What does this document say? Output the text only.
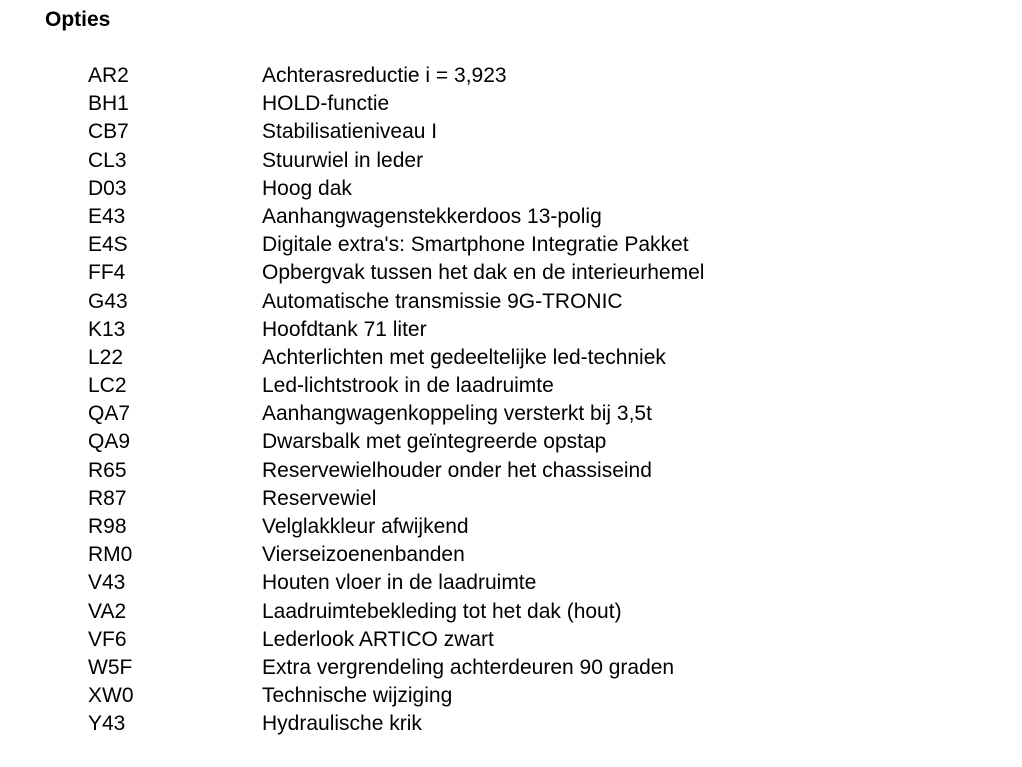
Opties
AR2	Achterasreductie i = 3,923
BH1	HOLD-functie
CB7	Stabilisatieniveau I
CL3	Stuurwiel in leder
D03	Hoog dak
E43	Aanhangwagenstekkerdoos 13-polig
E4S	Digitale extra's: Smartphone Integratie Pakket
FF4	Opbergvak tussen het dak en de interieurhemel
G43	Automatische transmissie 9G-TRONIC
K13	Hoofdtank 71 liter
L22	Achterlichten met gedeeltelijke led-techniek
LC2	Led-lichtstrook in de laadruimte
QA7	Aanhangwagenkoppeling versterkt bij 3,5t
QA9	Dwarsbalk met geïntegreerde opstap
R65	Reservewielhouder onder het chassiseind
R87	Reservewiel
R98	Velglakkleur afwijkend
RM0	Vierseizoenenbanden
V43	Houten vloer in de laadruimte
VA2	Laadruimtebekleding tot het dak (hout)
VF6	Lederlook ARTICO zwart
W5F	Extra vergrendeling achterdeuren 90 graden
XW0	Technische wijziging
Y43	Hydraulische krik
